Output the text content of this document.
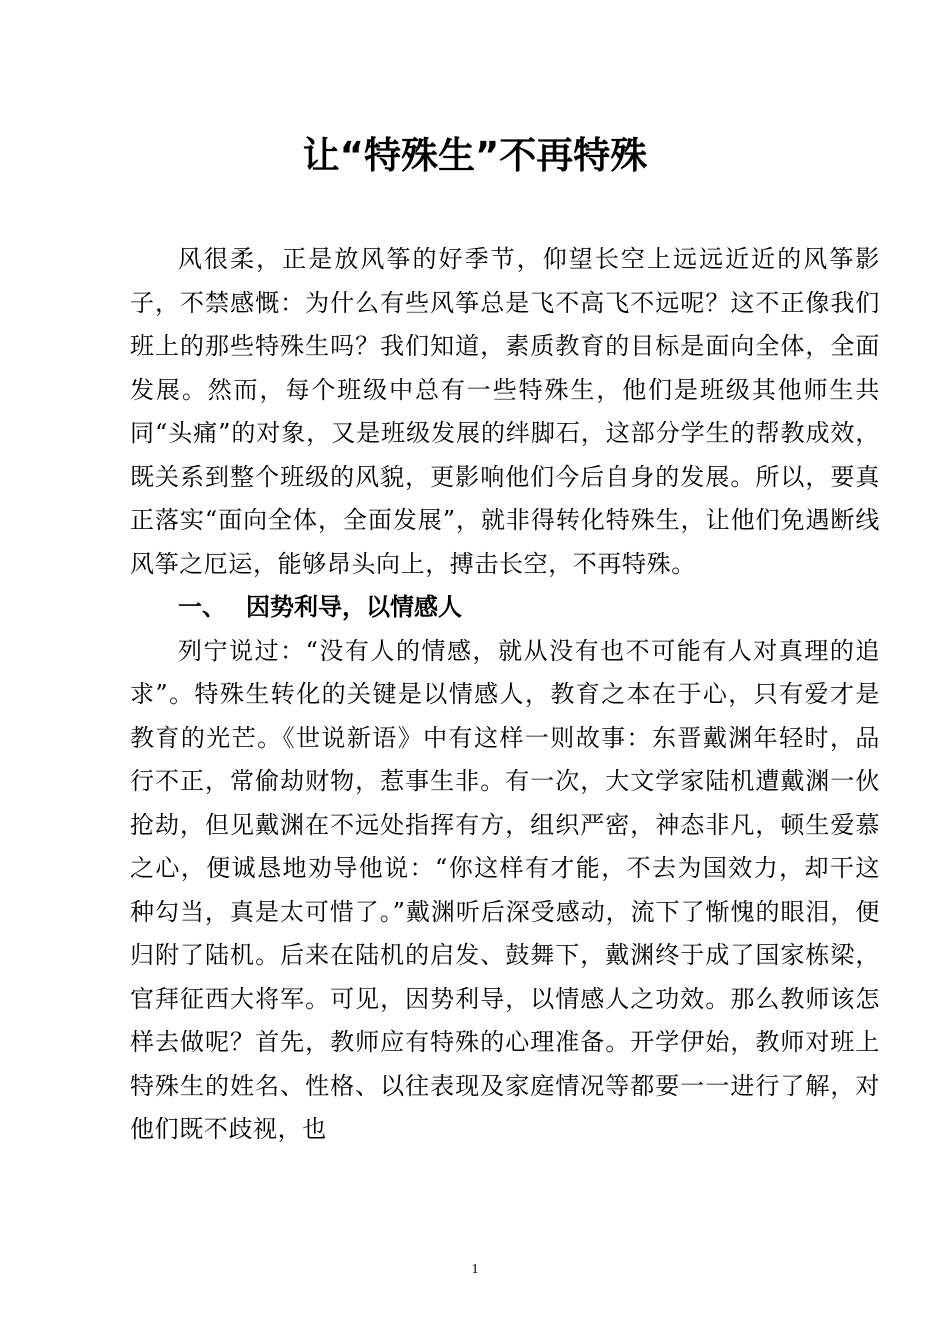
让“特殊生”不再特殊

风很柔，正是放风筝的好季节，仰望长空上远远近近的风筝影子，不禁感慨：为什么有些风筝总是飞不高飞不远呢？这不正像我们班上的那些特殊生吗？我们知道，素质教育的目标是面向全体，全面发展。然而，每个班级中总有一些特殊生，他们是班级其他师生共同“头痛”的对象，又是班级发展的绊脚石，这部分学生的帮教成效，既关系到整个班级的风貌，更影响他们今后自身的发展。所以，要真正落实“面向全体，全面发展”，就非得转化特殊生，让他们免遇断线风筝之厄运，能够昂头向上，搏击长空，不再特殊。

一、 因势利导，以情感人

列宁说过：“没有人的情感，就从没有也不可能有人对真理的追求”。特殊生转化的关键是以情感人，教育之本在于心，只有爱才是教育的光芒。《世说新语》中有这样一则故事：东晋戴渊年轻时，品行不正，常偷劫财物，惹事生非。有一次，大文学家陆机遭戴渊一伙抢劫，但见戴渊在不远处指挥有方，组织严密，神态非凡，顿生爱慕之心，便诚恳地劝导他说：“你这样有才能，不去为国效力，却干这种勾当，真是太可惜了。”戴渊听后深受感动，流下了惭愧的眼泪，便归附了陆机。后来在陆机的启发、鼓舞下，戴渊终于成了国家栋梁，官拜征西大将军。可见，因势利导，以情感人之功效。那么教师该怎样去做呢？首先，教师应有特殊的心理准备。开学伊始，教师对班上特殊生的姓名、性格、以往表现及家庭情况等都要一一进行了解，对他们既不歧视，也

1
